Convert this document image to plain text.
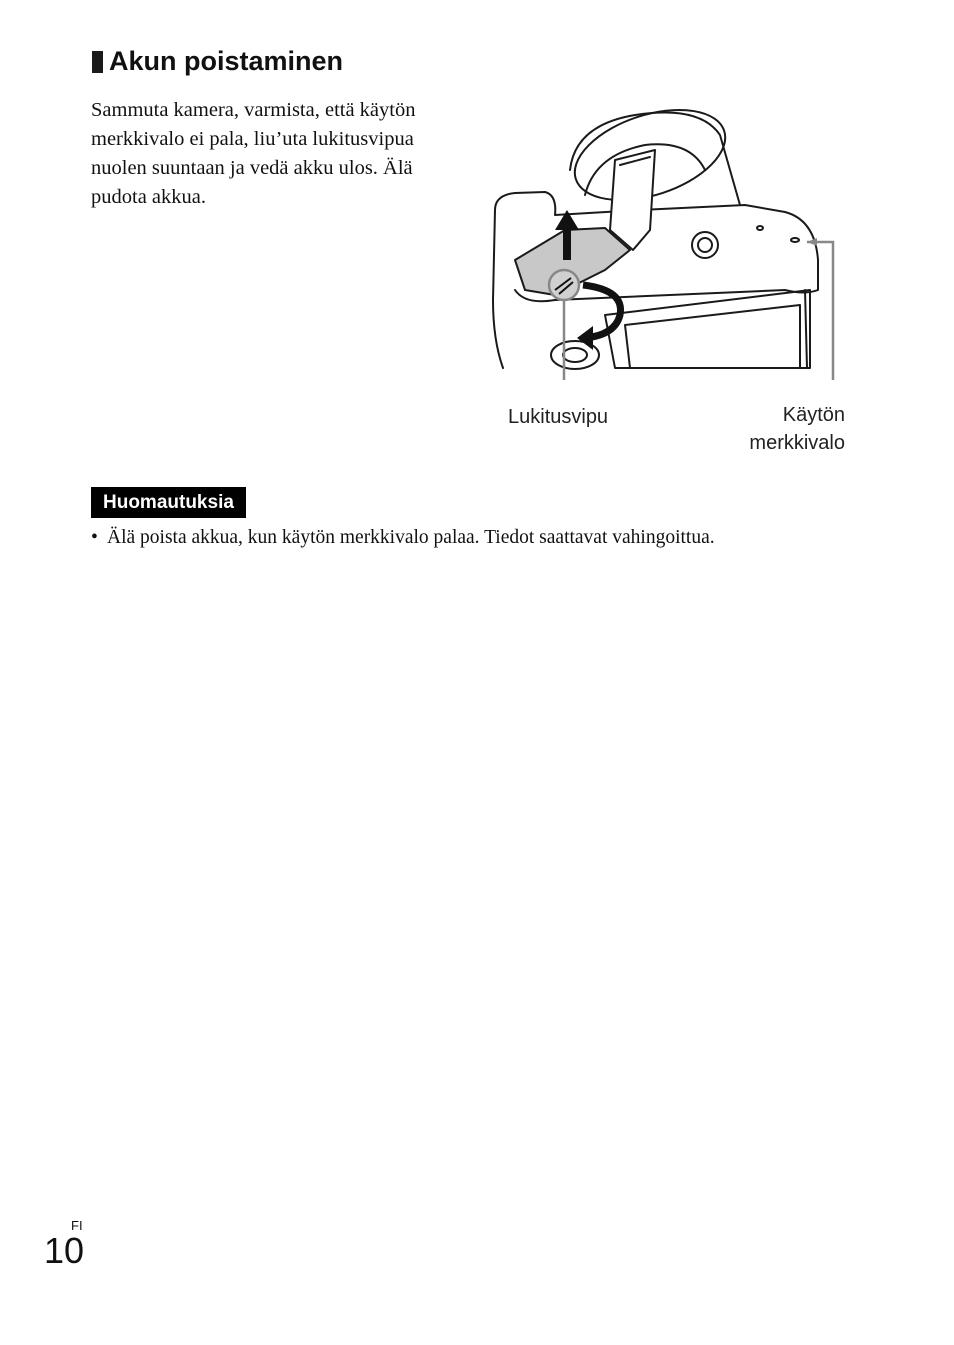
Akun poistaminen
Sammuta kamera, varmista, että käytön merkkivalo ei pala, liu’uta lukitusvipua nuolen suuntaan ja vedä akku ulos. Älä pudota akkua.
Lukitusvipu	Käytön
merkkivalo
Huomautuksia
• Älä poista akkua, kun käytön merkkivalo palaa. Tiedot saattavat vahingoittua.
FI
10
